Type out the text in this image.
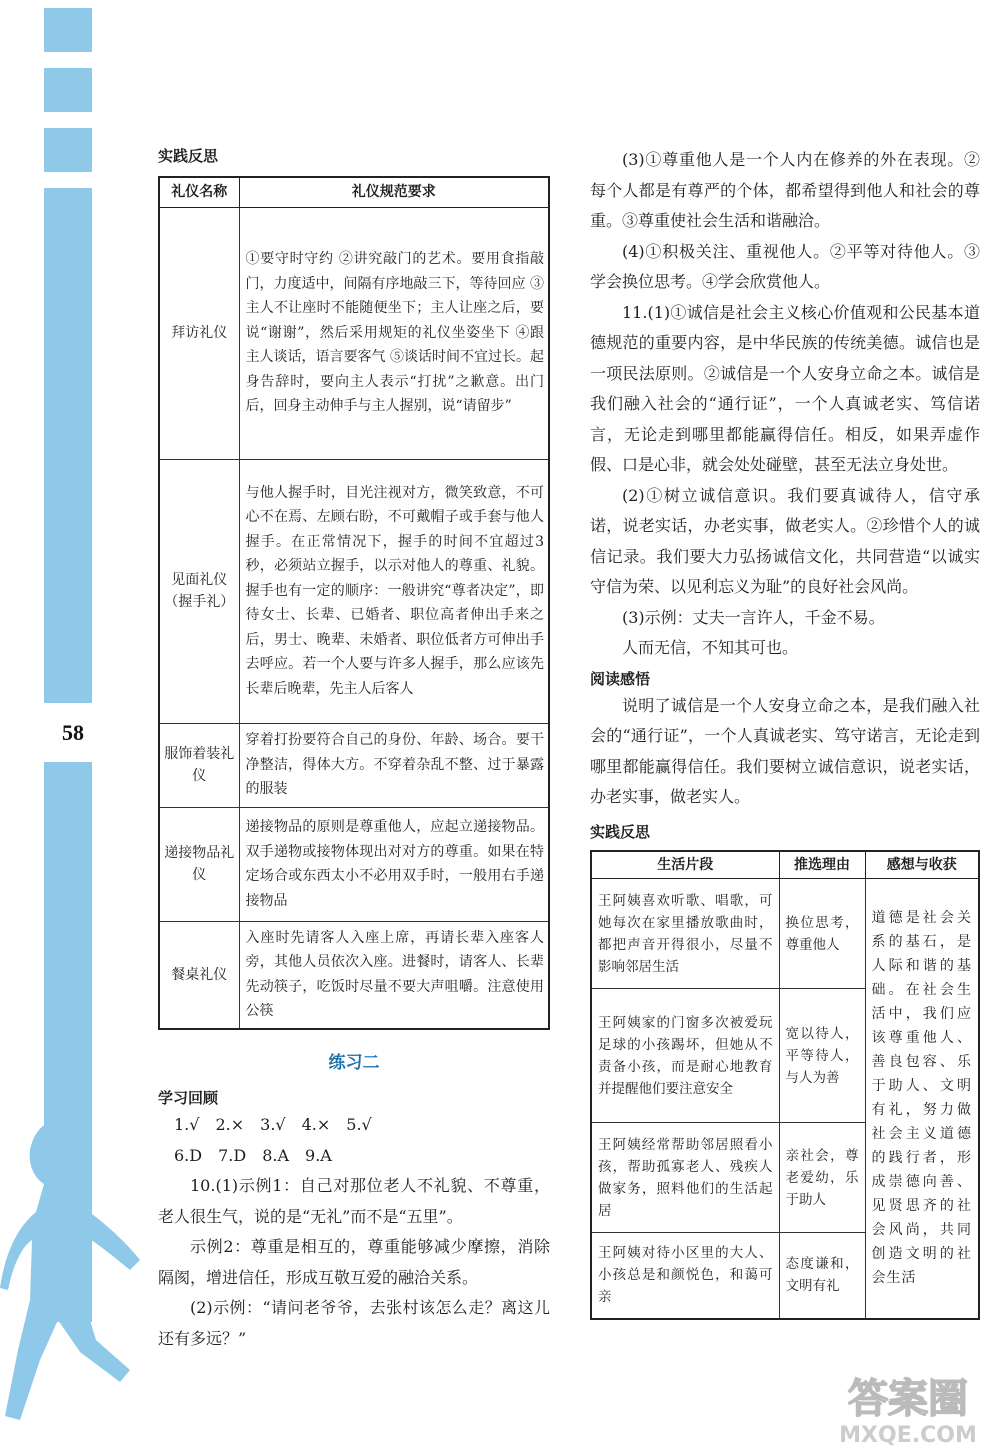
58
实践反思
礼仪名称	礼仪规范要求
拜访礼仪	①要守时守约 ②讲究敲门的艺术。要用食指敲门，力度适中，间隔有序地敲三下，等待回应 ③主人不让座时不能随便坐下；主人让座之后，要说“谢谢”，然后采用规矩的礼仪坐姿坐下 ④跟主人谈话，语言要客气 ⑤谈话时间不宜过长。起身告辞时，要向主人表示“打扰”之歉意。出门后，回身主动伸手与主人握别，说“请留步”
见面礼仪（握手礼）	与他人握手时，目光注视对方，微笑致意，不可心不在焉、左顾右盼，不可戴帽子或手套与他人握手。在正常情况下，握手的时间不宜超过3秒，必须站立握手，以示对他人的尊重、礼貌。握手也有一定的顺序：一般讲究“尊者决定”，即待女士、长辈、已婚者、职位高者伸出手来之后，男士、晚辈、未婚者、职位低者方可伸出手去呼应。若一个人要与许多人握手，那么应该先长辈后晚辈，先主人后客人
服饰着装礼仪	穿着打扮要符合自己的身份、年龄、场合。要干净整洁，得体大方。不穿着杂乱不整、过于暴露的服装
递接物品礼仪	递接物品的原则是尊重他人，应起立递接物品。双手递物或接物体现出对对方的尊重。如果在特定场合或东西太小不必用双手时，一般用右手递接物品
餐桌礼仪	入座时先请客人入座上席，再请长辈入座客人旁，其他人员依次入座。进餐时，请客人、长辈先动筷子，吃饭时尽量不要大声咀嚼。注意使用公筷
练习二
学习回顾
1.√　2.×　3.√　4.×　5.√
6.D　7.D　8.A　9.A
10.(1)示例1：自己对那位老人不礼貌、不尊重，老人很生气，说的是“无礼”而不是“五里”。
示例2：尊重是相互的，尊重能够减少摩擦，消除隔阂，增进信任，形成互敬互爱的融洽关系。
(2)示例：“请问老爷爷，去张村该怎么走？离这儿还有多远？”
(3)①尊重他人是一个人内在修养的外在表现。②每个人都是有尊严的个体，都希望得到他人和社会的尊重。③尊重使社会生活和谐融洽。
(4)①积极关注、重视他人。②平等对待他人。③学会换位思考。④学会欣赏他人。
11.(1)①诚信是社会主义核心价值观和公民基本道德规范的重要内容，是中华民族的传统美德。诚信也是一项民法原则。②诚信是一个人安身立命之本。诚信是我们融入社会的“通行证”，一个人真诚老实、笃信诺言，无论走到哪里都能赢得信任。相反，如果弄虚作假、口是心非，就会处处碰壁，甚至无法立身处世。
(2)①树立诚信意识。我们要真诚待人，信守承诺，说老实话，办老实事，做老实人。②珍惜个人的诚信记录。我们要大力弘扬诚信文化，共同营造“以诚实守信为荣、以见利忘义为耻”的良好社会风尚。
(3)示例：丈夫一言许人，千金不易。
人而无信，不知其可也。
阅读感悟
说明了诚信是一个人安身立命之本，是我们融入社会的“通行证”，一个人真诚老实、笃守诺言，无论走到哪里都能赢得信任。我们要树立诚信意识，说老实话，办老实事，做老实人。
实践反思
生活片段	推选理由	感想与收获
王阿姨喜欢听歌、唱歌，可她每次在家里播放歌曲时，都把声音开得很小，尽量不影响邻居生活	换位思考，尊重他人	道德是社会关系的基石，是人际和谐的基础。在社会生活中，我们应该尊重他人、善良包容、乐于助人、文明有礼，努力做社会主义道德的践行者，形成崇德向善、见贤思齐的社会风尚，共同创造文明的社会生活
王阿姨家的门窗多次被爱玩足球的小孩踢坏，但她从不责备小孩，而是耐心地教育并提醒他们要注意安全	宽以待人，平等待人，与人为善	
王阿姨经常帮助邻居照看小孩，帮助孤寡老人、残疾人做家务，照料他们的生活起居	亲社会，尊老爱幼，乐于助人	
王阿姨对待小区里的大人、小孩总是和颜悦色，和蔼可亲	态度谦和，文明有礼	
答案圈
MXQE.COM
